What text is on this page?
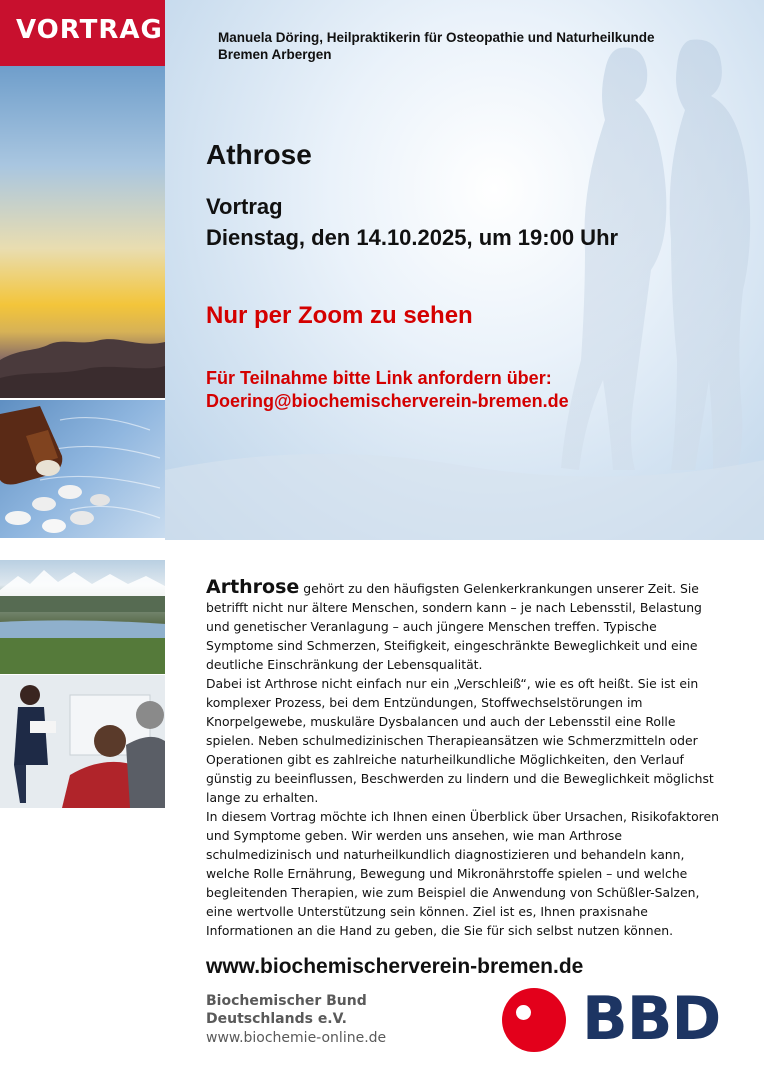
VORTRAG	Manuela Döring, Heilpraktikerin für Osteopathie und Naturheilkunde
Bremen Arbergen
Athrose
Vortrag
Dienstag, den 14.10.2025, um 19:00 Uhr
Nur per Zoom zu sehen
Für Teilnahme bitte Link anfordern über:
Doering@biochemischerverein-bremen.de

Arthrose gehört zu den häufigsten Gelenkerkrankungen unserer Zeit. Sie betrifft nicht nur ältere Menschen, sondern kann – je nach Lebensstil, Belastung und genetischer Veranlagung – auch jüngere Menschen treffen. Typische Symptome sind Schmerzen, Steifigkeit, eingeschränkte Beweglichkeit und eine deutliche Einschränkung der Lebensqualität.

Dabei ist Arthrose nicht einfach nur ein „Verschleiß“, wie es oft heißt. Sie ist ein komplexer Prozess, bei dem Entzündungen, Stoffwechselstörungen im Knorpelgewebe, muskuläre Dysbalancen und auch der Lebensstil eine Rolle spielen. Neben schulmedizinischen Therapieansätzen wie Schmerzmitteln oder Operationen gibt es zahlreiche naturheilkundliche Möglichkeiten, den Verlauf günstig zu beeinflussen, Beschwerden zu lindern und die Beweglichkeit möglichst lange zu erhalten.

In diesem Vortrag möchte ich Ihnen einen Überblick über Ursachen, Risikofaktoren und Symptome geben. Wir werden uns ansehen, wie man Arthrose schulmedizinisch und naturheilkundlich diagnostizieren und behandeln kann, welche Rolle Ernährung, Bewegung und Mikronährstoffe spielen – und welche begleitenden Therapien, wie zum Beispiel die Anwendung von Schüßler-Salzen, eine wertvolle Unterstützung sein können. Ziel ist es, Ihnen praxisnahe Informationen an die Hand zu geben, die Sie für sich selbst nutzen können.

www.biochemischerverein-bremen.de
Biochemischer Bund
Deutschlands e.V.
www.biochemie-online.de	BBD
